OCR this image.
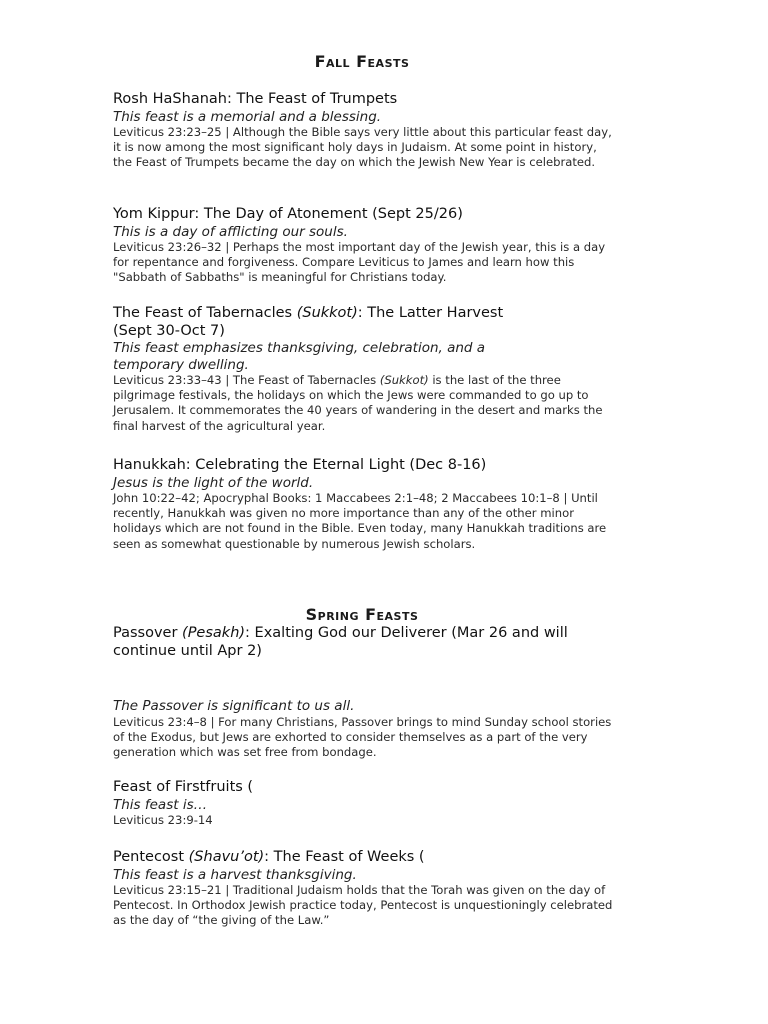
Fall Feasts
Rosh HaShanah: The Feast of Trumpets

This feast is a memorial and a blessing.

Leviticus 23:23–25 | Although the Bible says very little about this particular feast day, it is now among the most significant holy days in Judaism. At some point in history, the Feast of Trumpets became the day on which the Jewish New Year is celebrated.

Yom Kippur: The Day of Atonement (Sept 25/26)

This is a day of afflicting our souls.

Leviticus 23:26–32 | Perhaps the most important day of the Jewish year, this is a day for repentance and forgiveness. Compare Leviticus to James and learn how this "Sabbath of Sabbaths" is meaningful for Christians today.

The Feast of Tabernacles (Sukkot): The Latter Harvest (Sept 30-Oct 7)

This feast emphasizes thanksgiving, celebration, and a temporary dwelling.

Leviticus 23:33–43 | The Feast of Tabernacles (Sukkot) is the last of the three pilgrimage festivals, the holidays on which the Jews were commanded to go up to Jerusalem. It commemorates the 40 years of wandering in the desert and marks the final harvest of the agricultural year.

Hanukkah: Celebrating the Eternal Light (Dec 8-16)

Jesus is the light of the world.

John 10:22–42; Apocryphal Books: 1 Maccabees 2:1–48; 2 Maccabees 10:1–8 | Until recently, Hanukkah was given no more importance than any of the other minor holidays which are not found in the Bible. Even today, many Hanukkah traditions are seen as somewhat questionable by numerous Jewish scholars.

Spring Feasts
Passover (Pesakh): Exalting God our Deliverer (Mar 26 and will continue until Apr 2)

The Passover is significant to us all.

Leviticus 23:4–8 | For many Christians, Passover brings to mind Sunday school stories of the Exodus, but Jews are exhorted to consider themselves as a part of the very generation which was set free from bondage.

Feast of Firstfruits (

This feast is…

Leviticus 23:9-14

Pentecost (Shavu’ot): The Feast of Weeks (

This feast is a harvest thanksgiving.

Leviticus 23:15–21 | Traditional Judaism holds that the Torah was given on the day of Pentecost. In Orthodox Jewish practice today, Pentecost is unquestioningly celebrated as the day of “the giving of the Law.”
